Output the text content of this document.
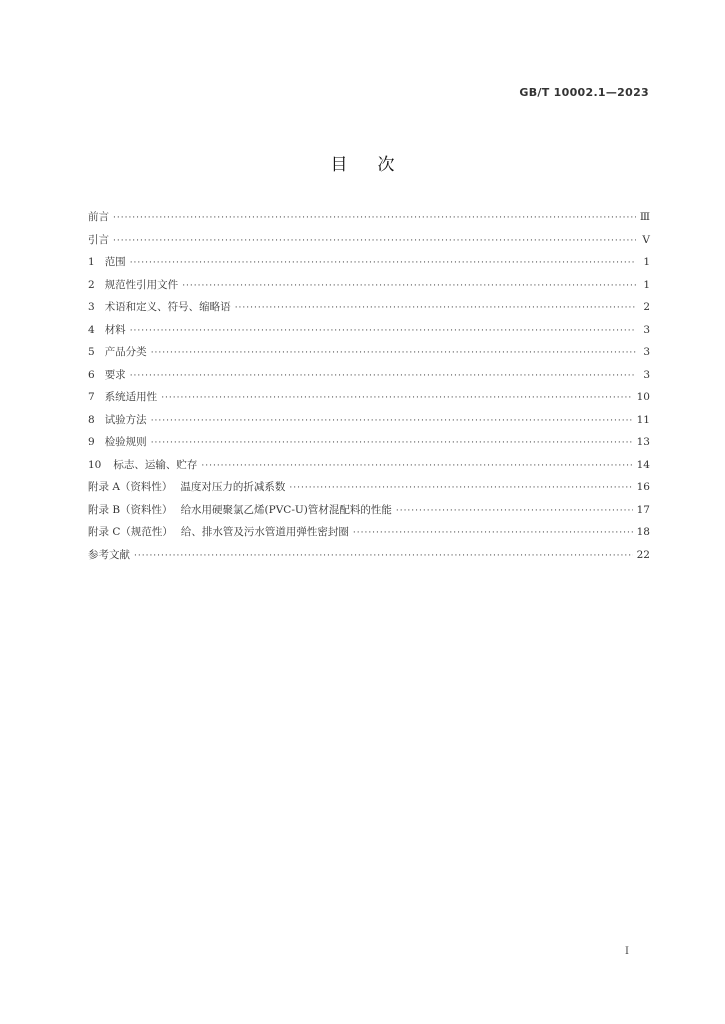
GB/T 10002.1—2023
目 次
前言 ·····	Ⅲ
引言 ·····	Ⅴ
1 范围 ·····	1
2 规范性引用文件 ·····	1
3 术语和定义、符号、缩略语 ·····	2
4 材料 ·····	3
5 产品分类 ·····	3
6 要求 ·····	3
7 系统适用性 ·····	10
8 试验方法 ·····	11
9 检验规则 ·····	13
10 标志、运输、贮存 ·····	14
附录 A（资料性） 温度对压力的折减系数 ·····	16
附录 B（资料性） 给水用硬聚氯乙烯(PVC-U)管材混配料的性能 ·····	17
附录 C（规范性） 给、排水管及污水管道用弹性密封圈 ·····	18
参考文献 ·····	22
Ⅰ
